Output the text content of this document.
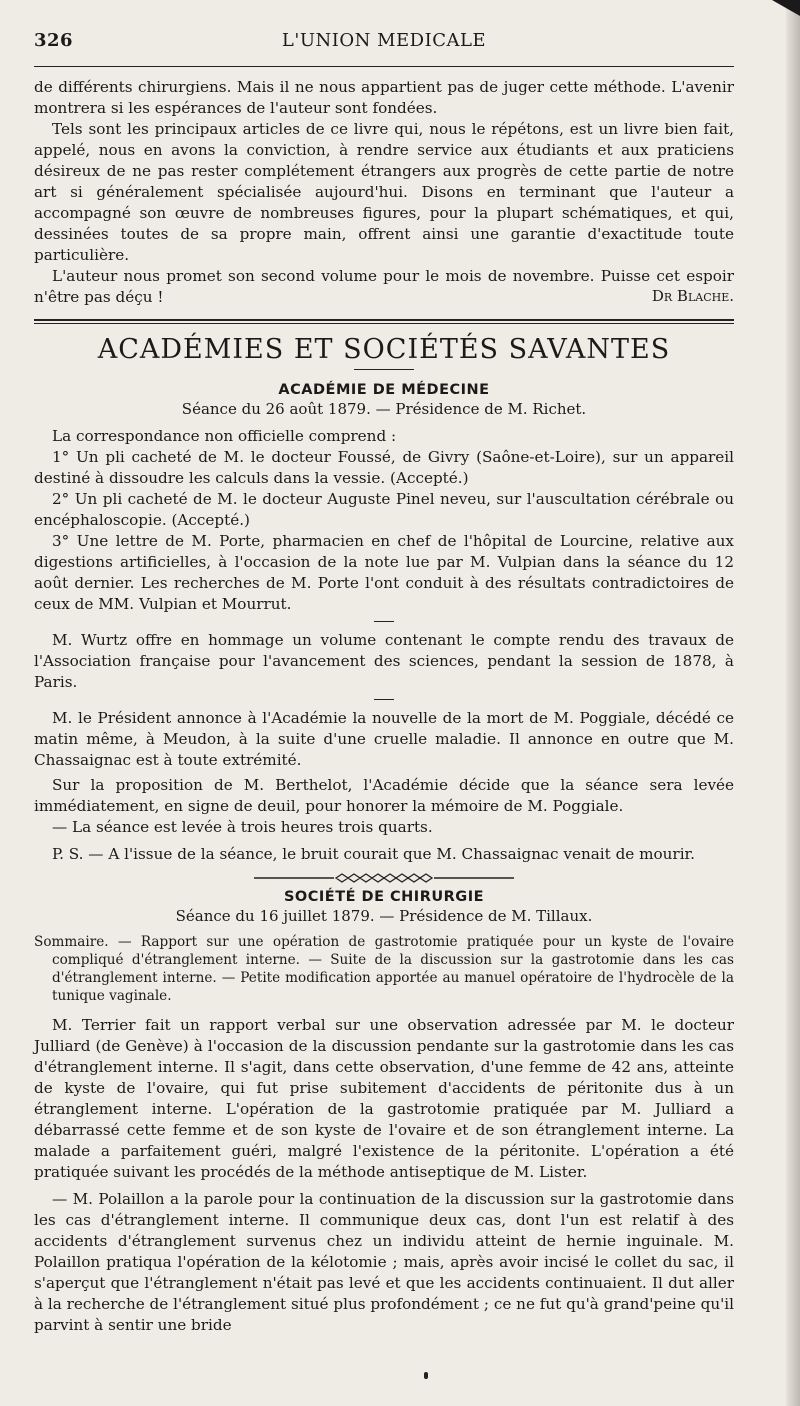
326	L'UNION MEDICALE

de différents chirurgiens. Mais il ne nous appartient pas de juger cette méthode. L'avenir montrera si les espérances de l'auteur sont fondées.

Tels sont les principaux articles de ce livre qui, nous le répétons, est un livre bien fait, appelé, nous en avons la conviction, à rendre service aux étudiants et aux praticiens désireux de ne pas rester complétement étrangers aux progrès de cette partie de notre art si généralement spécialisée aujourd'hui. Disons en terminant que l'auteur a accompagné son œuvre de nombreuses figures, pour la plupart schématiques, et qui, dessinées toutes de sa propre main, offrent ainsi une garantie d'exactitude toute particulière.

L'auteur nous promet son second volume pour le mois de novembre. Puisse cet espoir n'être pas déçu !	Dr Blache.
ACADÉMIES ET SOCIÉTÉS SAVANTES
ACADÉMIE DE MÉDECINE
Séance du 26 août 1879. — Présidence de M. Richet.

La correspondance non officielle comprend :

1° Un pli cacheté de M. le docteur Foussé, de Givry (Saône-et-Loire), sur un appareil destiné à dissoudre les calculs dans la vessie. (Accepté.)

2° Un pli cacheté de M. le docteur Auguste Pinel neveu, sur l'auscultation cérébrale ou encéphaloscopie. (Accepté.)

3° Une lettre de M. Porte, pharmacien en chef de l'hôpital de Lourcine, relative aux digestions artificielles, à l'occasion de la note lue par M. Vulpian dans la séance du 12 août dernier. Les recherches de M. Porte l'ont conduit à des résultats contradictoires de ceux de MM. Vulpian et Mourrut.

M. Wurtz offre en hommage un volume contenant le compte rendu des travaux de l'Association française pour l'avancement des sciences, pendant la session de 1878, à Paris.

M. le Président annonce à l'Académie la nouvelle de la mort de M. Poggiale, décédé ce matin même, à Meudon, à la suite d'une cruelle maladie. Il annonce en outre que M. Chassaignac est à toute extrémité.

Sur la proposition de M. Berthelot, l'Académie décide que la séance sera levée immédiatement, en signe de deuil, pour honorer la mémoire de M. Poggiale.

— La séance est levée à trois heures trois quarts.

P. S. — A l'issue de la séance, le bruit courait que M. Chassaignac venait de mourir.

SOCIÉTÉ DE CHIRURGIE
Séance du 16 juillet 1879. — Présidence de M. Tillaux.
Sommaire. — Rapport sur une opération de gastrotomie pratiquée pour un kyste de l'ovaire compliqué d'étranglement interne. — Suite de la discussion sur la gastrotomie dans les cas d'étranglement interne. — Petite modification apportée au manuel opératoire de l'hydrocèle de la tunique vaginale.

M. Terrier fait un rapport verbal sur une observation adressée par M. le docteur Julliard (de Genève) à l'occasion de la discussion pendante sur la gastrotomie dans les cas d'étranglement interne. Il s'agit, dans cette observation, d'une femme de 42 ans, atteinte de kyste de l'ovaire, qui fut prise subitement d'accidents de péritonite dus à un étranglement interne. L'opération de la gastrotomie pratiquée par M. Julliard a débarrassé cette femme et de son kyste de l'ovaire et de son étranglement interne. La malade a parfaitement guéri, malgré l'existence de la péritonite. L'opération a été pratiquée suivant les procédés de la méthode antiseptique de M. Lister.

— M. Polaillon a la parole pour la continuation de la discussion sur la gastrotomie dans les cas d'étranglement interne. Il communique deux cas, dont l'un est relatif à des accidents d'étranglement survenus chez un individu atteint de hernie inguinale. M. Polaillon pratiqua l'opération de la kélotomie ; mais, après avoir incisé le collet du sac, il s'aperçut que l'étranglement n'était pas levé et que les accidents continuaient. Il dut aller à la recherche de l'étranglement situé plus profondément ; ce ne fut qu'à grand'peine qu'il parvint à sentir une bride
